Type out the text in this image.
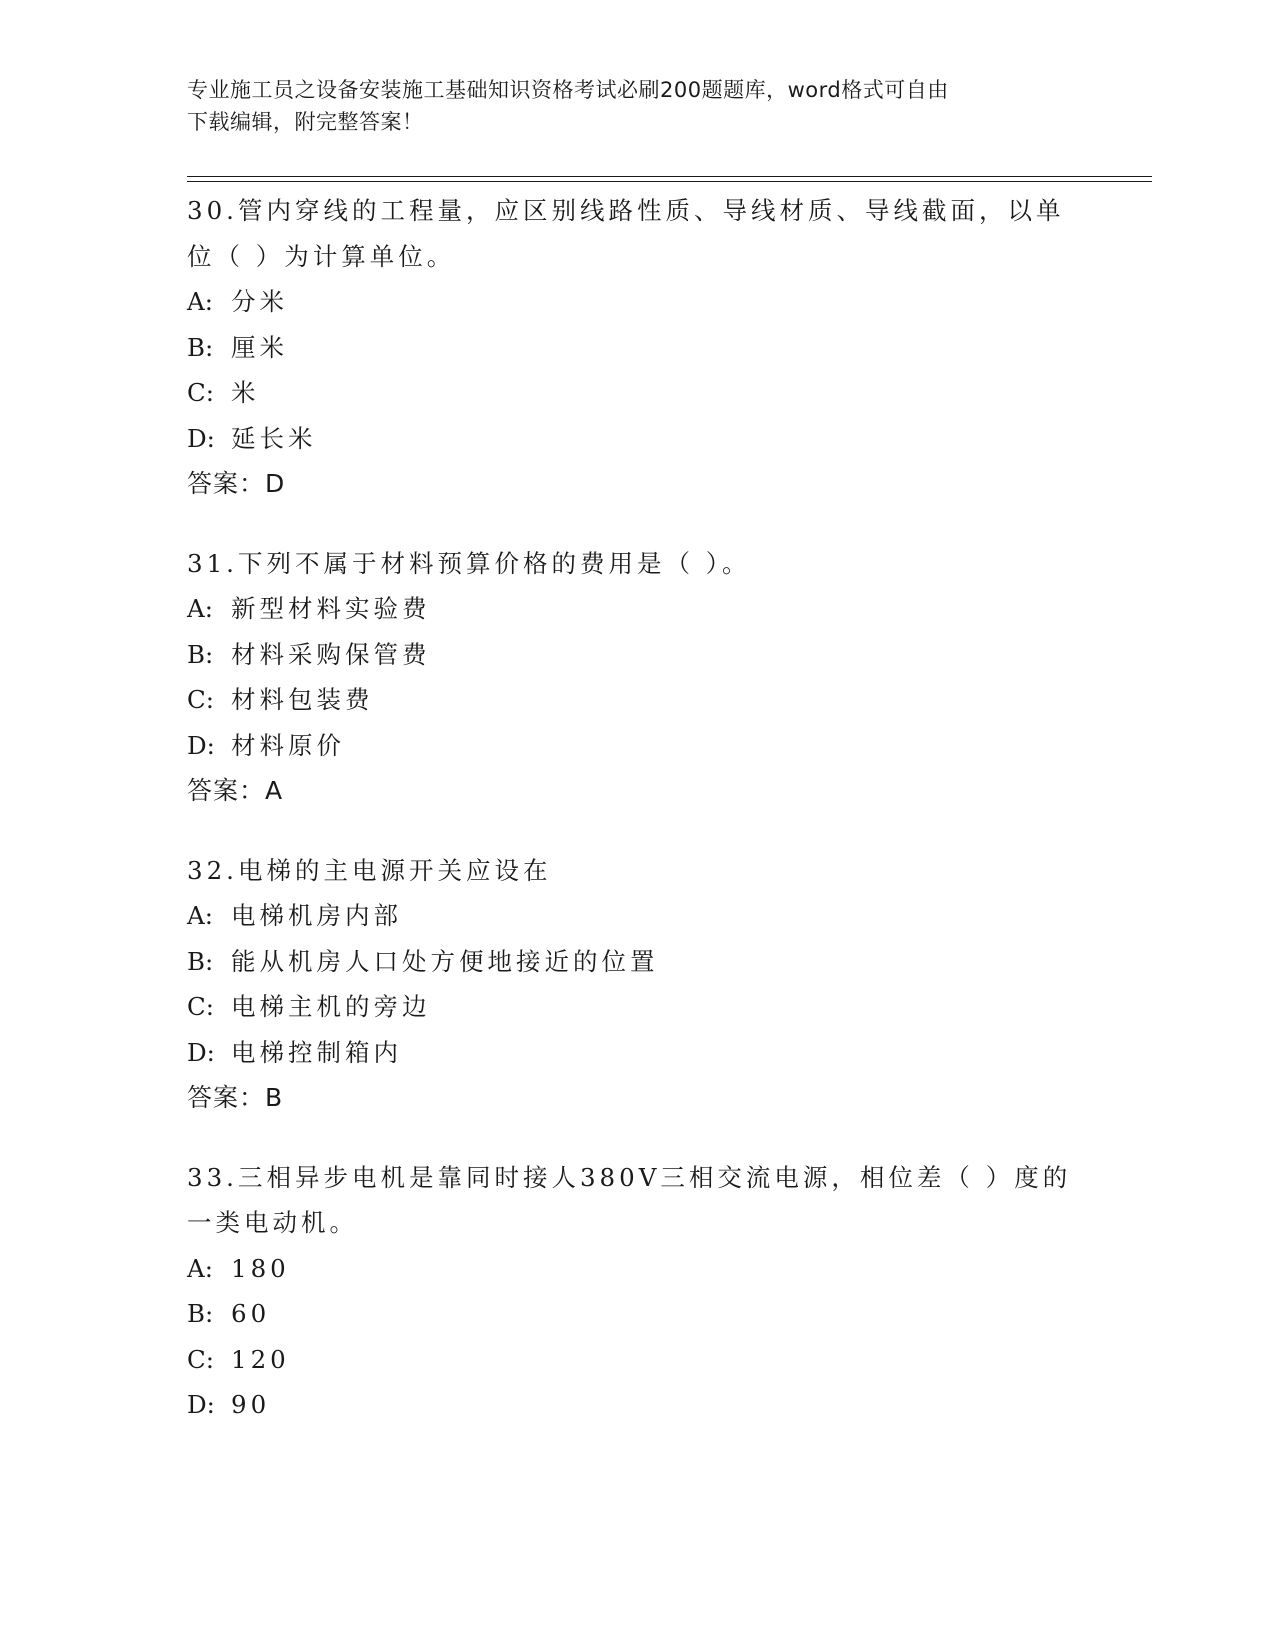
专业施工员之设备安装施工基础知识资格考试必刷200题题库，word格式可自由
下载编辑，附完整答案！
30.管内穿线的工程量，应区别线路性质、导线材质、导线截面，以单
位（ ）为计算单位。
A: 分米
B: 厘米
C: 米
D: 延长米
答案：D
31.下列不属于材料预算价格的费用是（ ）。
A: 新型材料实验费
B: 材料采购保管费
C: 材料包装费
D: 材料原价
答案：A
32.电梯的主电源开关应设在
A: 电梯机房内部
B: 能从机房人口处方便地接近的位置
C: 电梯主机的旁边
D: 电梯控制箱内
答案：B
33.三相异步电机是靠同时接人380V三相交流电源，相位差（ ）度的
一类电动机。
A: 180
B: 60
C: 120
D: 90
